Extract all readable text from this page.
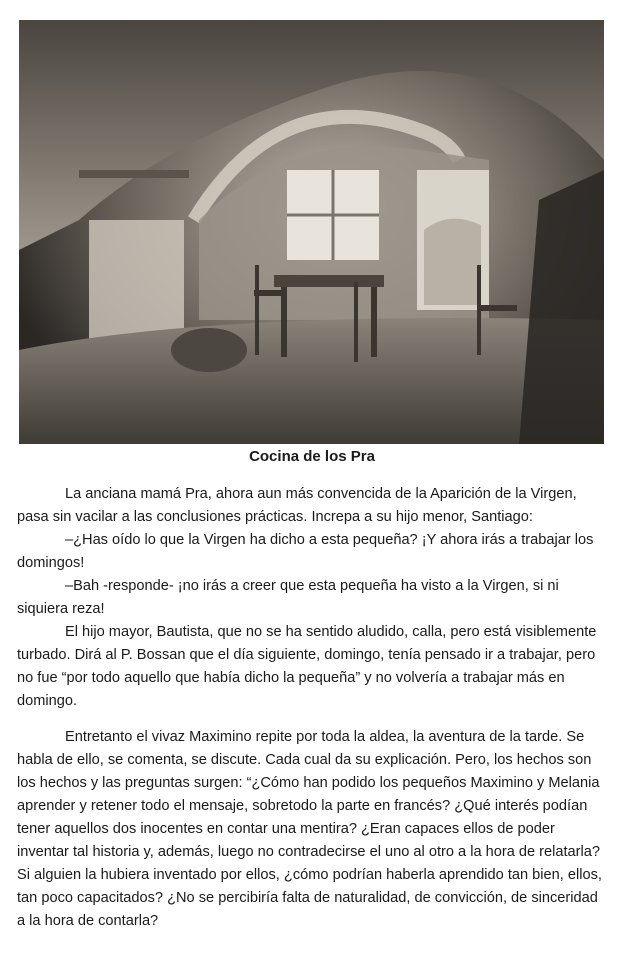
Cocina de los Pra

La anciana mamá Pra, ahora aun más convencida de la Aparición de la Virgen, pasa sin vacilar a las conclusiones prácticas. Increpa a su hijo menor, Santiago:

–¿Has oído lo que la Virgen ha dicho a esta pequeña? ¡Y ahora irás a trabajar los domingos!

–Bah -responde- ¡no irás a creer que esta pequeña ha visto a la Virgen, si ni siquiera reza!

El hijo mayor, Bautista, que no se ha sentido aludido, calla, pero está visiblemente turbado. Dirá al P. Bossan que el día siguiente, domingo, tenía pensado ir a trabajar, pero no fue “por todo aquello que había dicho la pequeña” y no volvería a trabajar más en domingo.

Entretanto el vivaz Maximino repite por toda la aldea, la aventura de la tarde. Se habla de ello, se comenta, se discute. Cada cual da su explicación. Pero, los hechos son los hechos y las preguntas surgen: “¿Cómo han podido los pequeños Maximino y Melania aprender y retener todo el mensaje, sobretodo la parte en francés? ¿Qué interés podían tener aquellos dos inocentes en contar una mentira? ¿Eran capaces ellos de poder inventar tal historia y, además, luego no contradecirse el uno al otro a la hora de relatarla? Si alguien la hubiera inventado por ellos, ¿cómo podrían haberla aprendido tan bien, ellos, tan poco capacitados? ¿No se percibiría falta de naturalidad, de convicción, de sinceridad a la hora de contarla?
